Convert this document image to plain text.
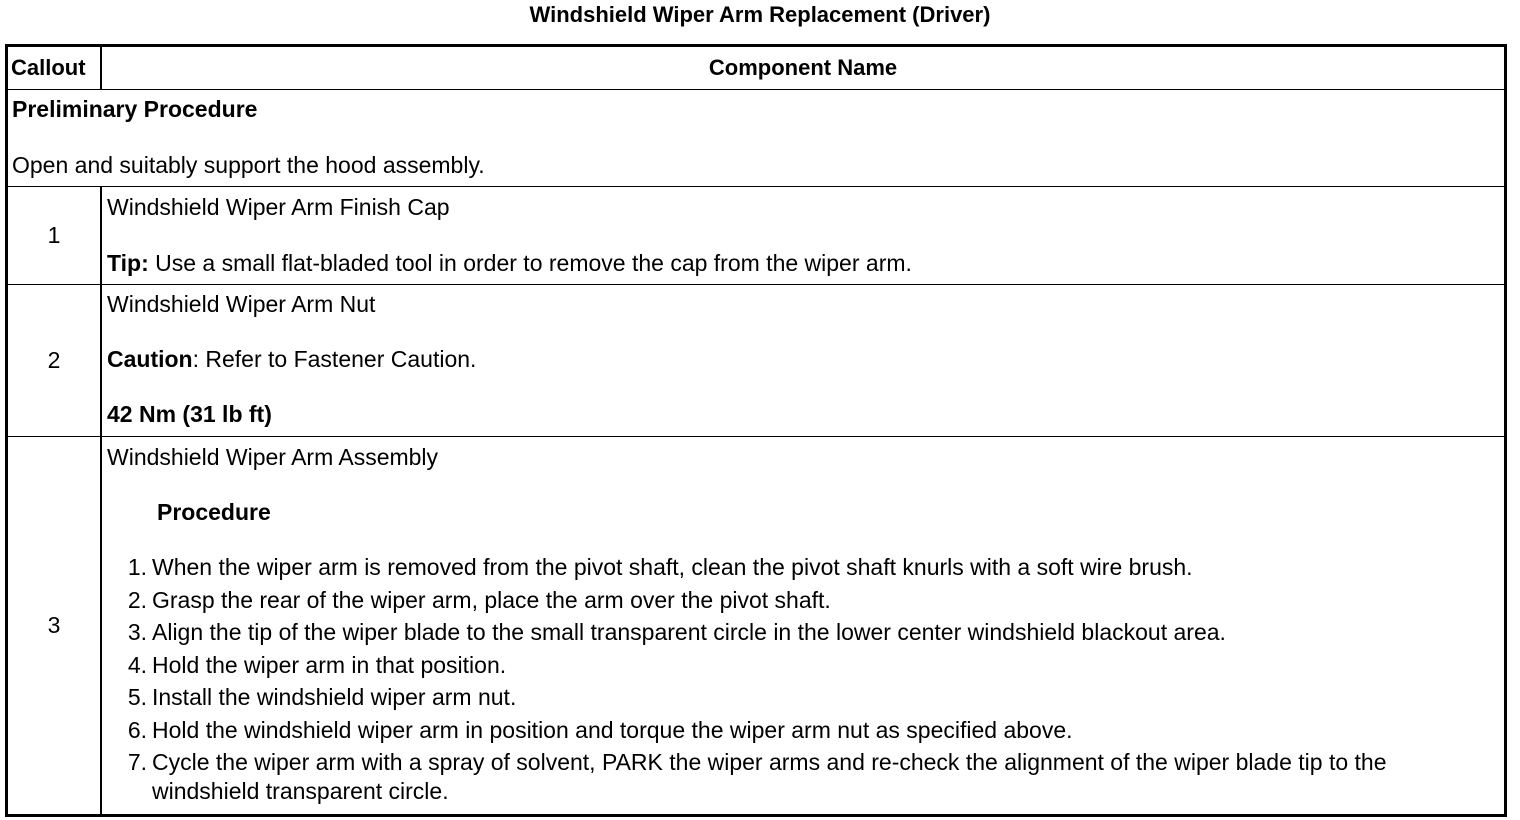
Windshield Wiper Arm Replacement (Driver)
Callout	Component Name
Preliminary Procedure
Open and suitably support the hood assembly.
1
Windshield Wiper Arm Finish Cap
Tip: Use a small flat-bladed tool in order to remove the cap from the wiper arm.
2
Windshield Wiper Arm Nut
Caution: Refer to Fastener Caution.
42 Nm (31 lb ft)
3
Windshield Wiper Arm Assembly
Procedure
1. When the wiper arm is removed from the pivot shaft, clean the pivot shaft knurls with a soft wire brush.
2. Grasp the rear of the wiper arm, place the arm over the pivot shaft.
3. Align the tip of the wiper blade to the small transparent circle in the lower center windshield blackout area.
4. Hold the wiper arm in that position.
5. Install the windshield wiper arm nut.
6. Hold the windshield wiper arm in position and torque the wiper arm nut as specified above.
7. Cycle the wiper arm with a spray of solvent, PARK the wiper arms and re-check the alignment of the wiper blade tip to the windshield transparent circle.
